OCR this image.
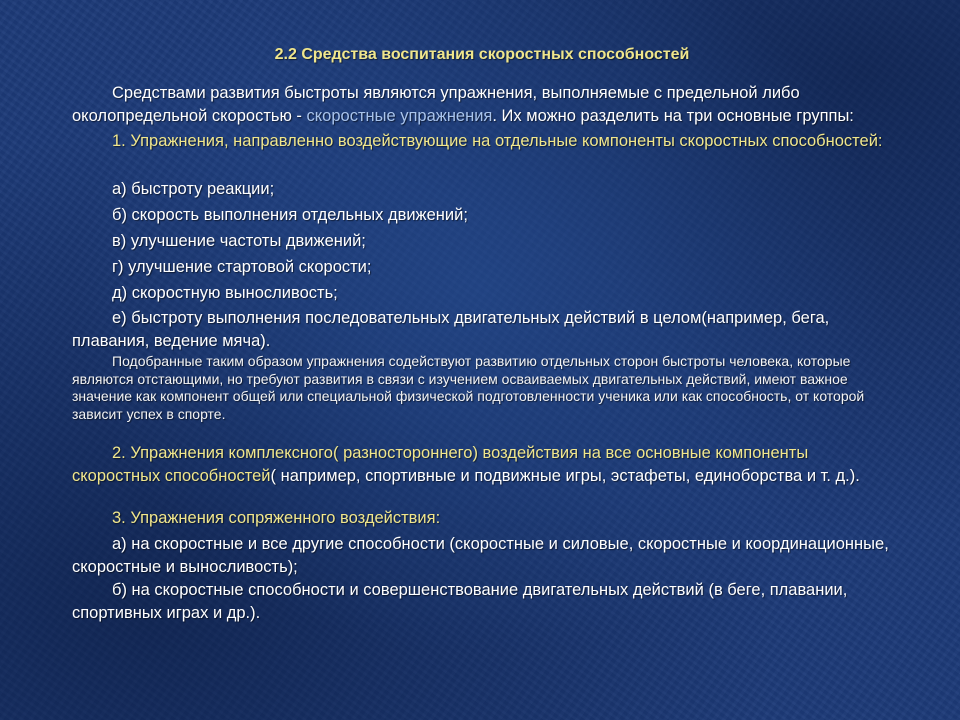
2.2 Средства воспитания скоростных способностей

Средствами развития быстроты являются упражнения, выполняемые с предельной либо околопредельной скоростью - скоростные упражнения. Их можно разделить на три основные группы:

1. Упражнения, направленно воздействующие на отдельные компоненты скоростных способностей:

а) быстроту реакции;

б) скорость выполнения отдельных движений;

в) улучшение частоты движений;

г) улучшение стартовой скорости;

д) скоростную выносливость;

е) быстроту выполнения последовательных двигательных действий в целом(например, бега, плавания, ведение мяча).

Подобранные таким образом упражнения содействуют развитию отдельных сторон быстроты человека, которые являются отстающими, но требуют развития в связи с изучением осваиваемых двигательных действий, имеют важное значение как компонент общей или специальной физической подготовленности ученика или как способность, от которой зависит успех в спорте.

2. Упражнения комплексного( разностороннего) воздействия на все основные компоненты скоростных способностей( например, спортивные и подвижные игры, эстафеты, единоборства и т. д.).

3. Упражнения сопряженного воздействия:

а) на скоростные и все другие способности (скоростные и силовые, скоростные и координационные, скоростные и выносливость);

б) на скоростные способности и совершенствование двигательных действий (в беге, плавании, спортивных играх и др.).
